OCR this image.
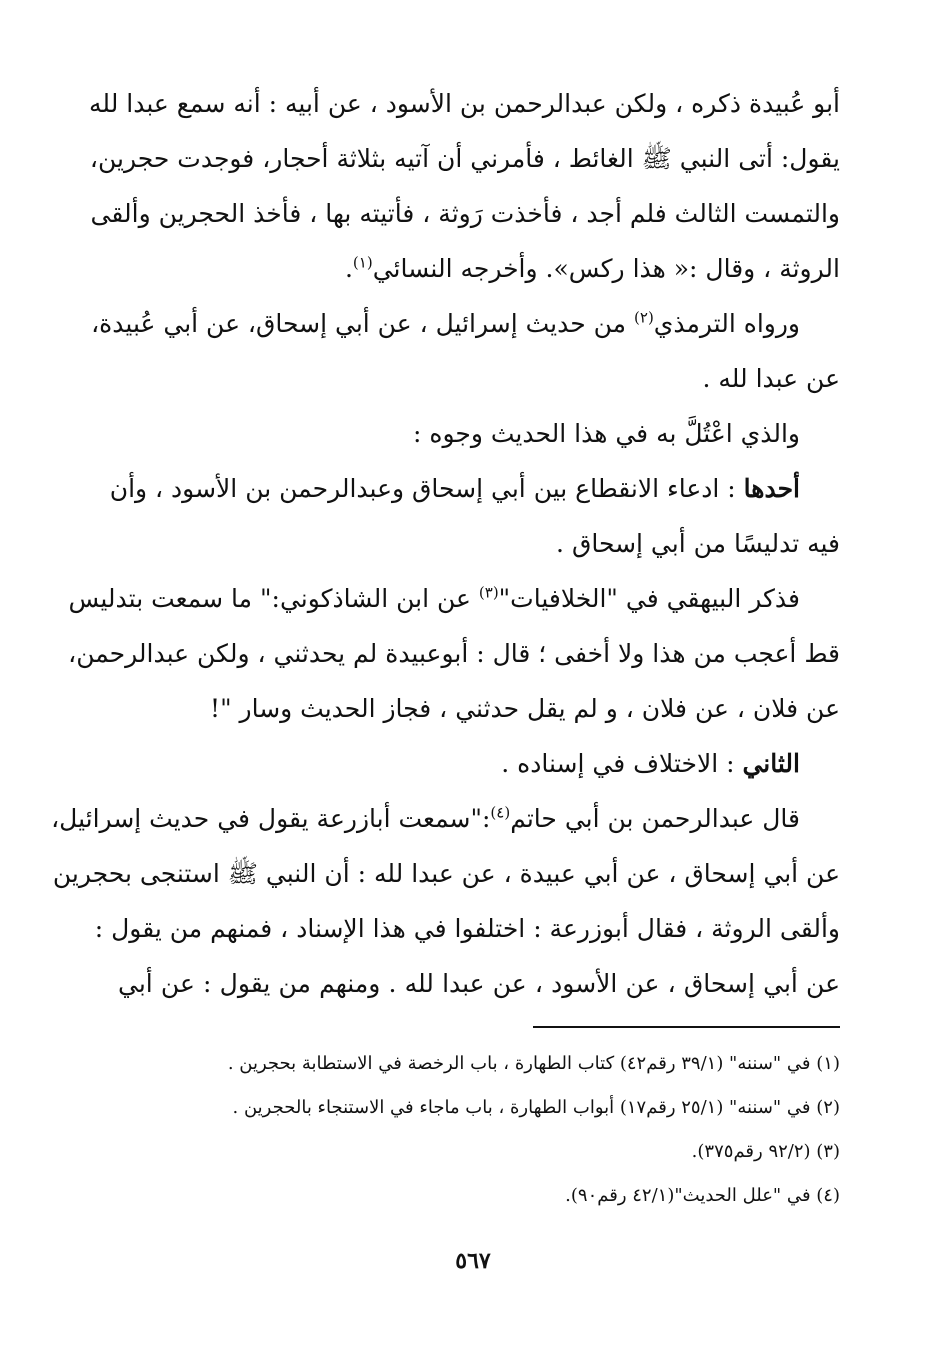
أبو عُبيدة ذكره ، ولكن عبدالرحمن بن الأسود ، عن أبيه : أنه سمع عبدا لله
يقول: أتى النبي ﷺ الغائط ، فأمرني أن آتيه بثلاثة أحجار، فوجدت حجرين،
والتمست الثالث فلم أجد ، فأخذت رَوثة ، فأتيته بها ، فأخذ الحجرين وألقى
الروثة ، وقال :« هذا ركس». وأخرجه النسائي$^{(١)}$.
ورواه الترمذي$^{(٢)}$ من حديث إسرائيل ، عن أبي إسحاق، عن أبي عُبيدة،
عن عبدا لله .
والذي اعْتُلَّ به في هذا الحديث وجوه :
أحدها : ادعاء الانقطاع بين أبي إسحاق وعبدالرحمن بن الأسود ، وأن
فيه تدليسًا من أبي إسحاق .
فذكر البيهقي في "الخلافيات"$^{(٣)}$ عن ابن الشاذكوني:" ما سمعت بتدليس
قط أعجب من هذا ولا أخفى ؛ قال : أبوعبيدة لم يحدثني ، ولكن عبدالرحمن،
عن فلان ، عن فلان ، و لم يقل حدثني ، فجاز الحديث وسار "!
الثاني : الاختلاف في إسناده .
قال عبدالرحمن بن أبي حاتم$^{(٤)}$:"سمعت أبازرعة يقول في حديث إسرائيل،
عن أبي إسحاق ، عن أبي عبيدة ، عن عبدا لله : أن النبي ﷺ استنجى بحجرين
وألقى الروثة ، فقال أبوزرعة : اختلفوا في هذا الإسناد ، فمنهم من يقول :
عن أبي إسحاق ، عن الأسود ، عن عبدا لله . ومنهم من يقول : عن أبي
(١) في "سننه" (٣٩/١ رقم٤٢) كتاب الطهارة ، باب الرخصة في الاستطابة بحجرين .
(٢) في "سننه" (٢٥/١ رقم١٧) أبواب الطهارة ، باب ماجاء في الاستنجاء بالحجرين .
(٣) (٩٢/٢ رقم٣٧٥).
(٤) في "علل الحديث"(٤٢/١ رقم٩٠).
٥٦٧
